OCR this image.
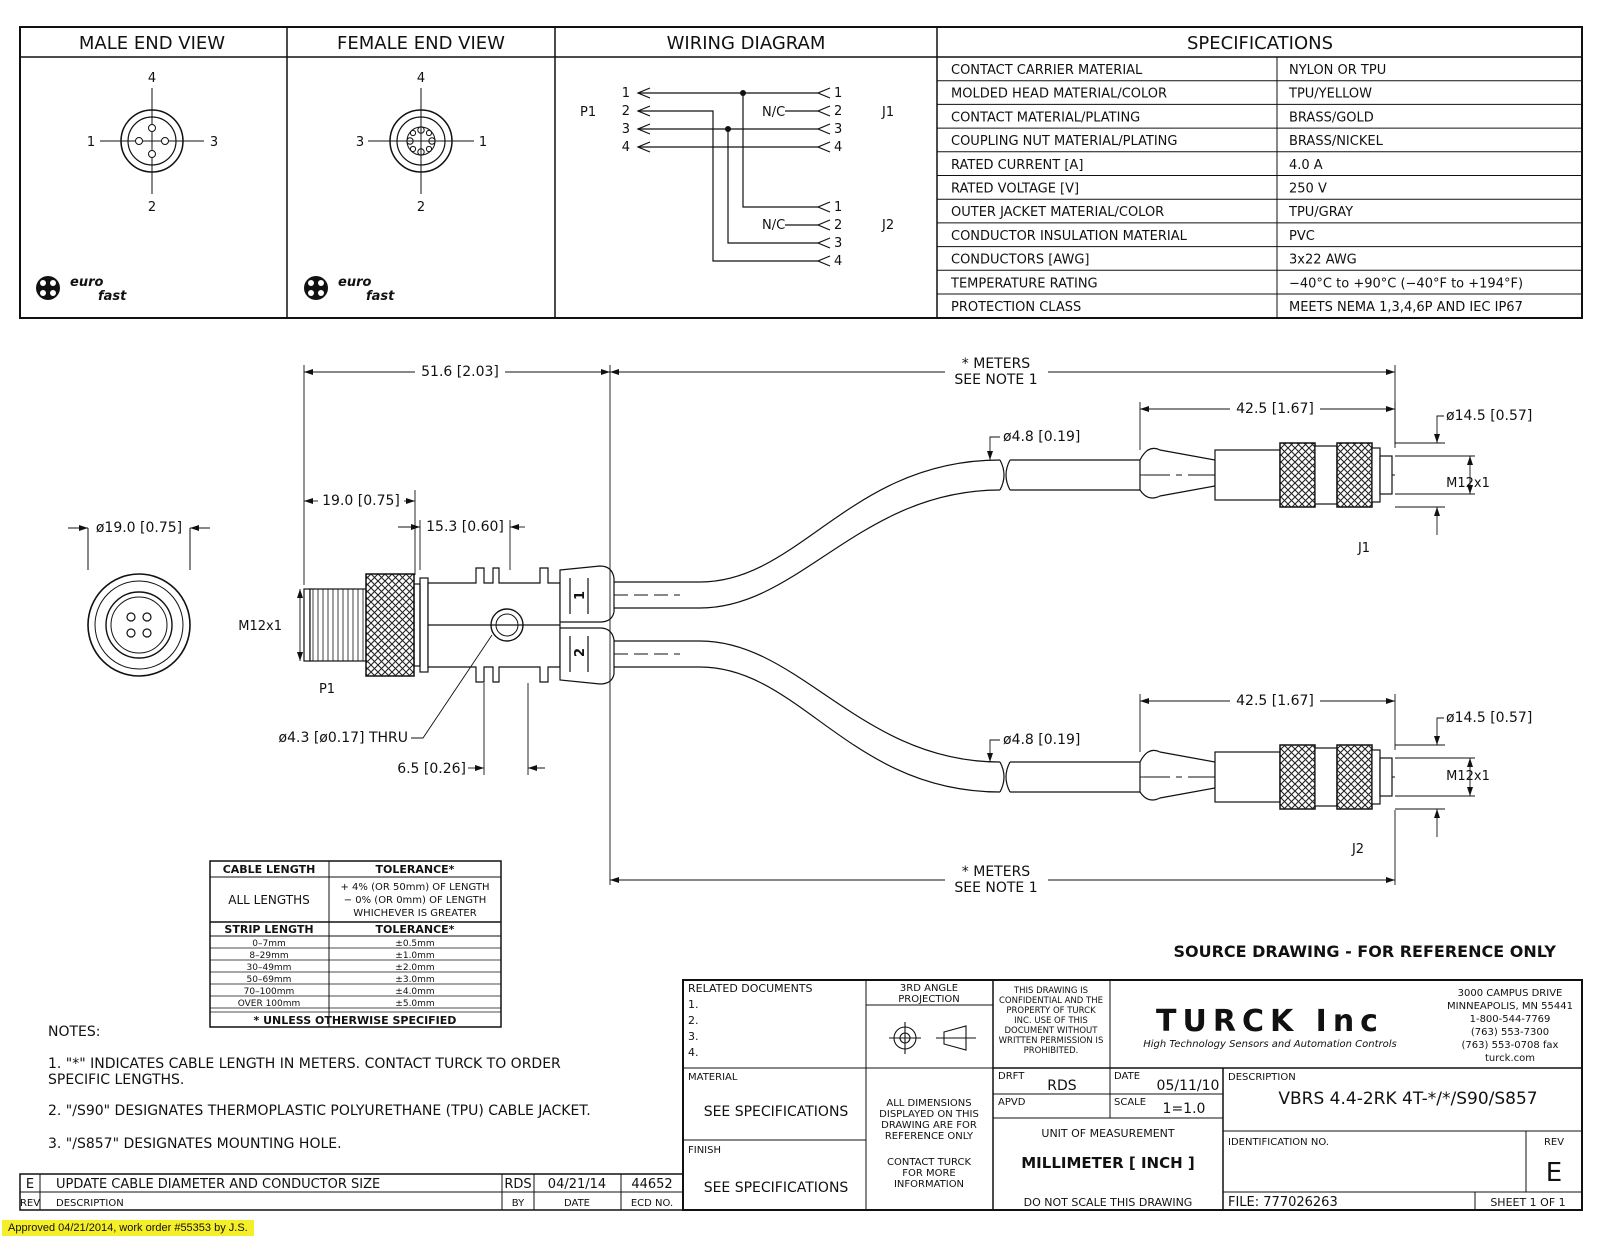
MALE END VIEW	FEMALE END VIEW	WIRING DIAGRAM	SPECIFICATIONS
4
1	3
2
euro
fast
4
3	1
2
euro
fast
1
2
3
4
1
2
3
4
1
2
3
4
P1	J1
J2
N/C
N/C
CONTACT CARRIER MATERIAL	NYLON OR TPU
MOLDED HEAD MATERIAL/COLOR	TPU/YELLOW
CONTACT MATERIAL/PLATING	BRASS/GOLD
COUPLING NUT MATERIAL/PLATING	BRASS/NICKEL
RATED CURRENT [A]	4.0 A
RATED VOLTAGE [V]	250 V
OUTER JACKET MATERIAL/COLOR	TPU/GRAY
CONDUCTOR INSULATION MATERIAL	PVC
CONDUCTORS [AWG]	3x22 AWG
TEMPERATURE RATING	−40°C to +90°C (−40°F to +194°F)
PROTECTION CLASS	MEETS NEMA 1,3,4,6P AND IEC IP67
1
2
51.6 [2.03]	* METERS
SEE NOTE 1
* METERS
SEE NOTE 1
ø19.0 [0.75]
19.0 [0.75]
15.3 [0.60]
M12x1
P1
ø4.3 [ø0.17] THRU
6.5 [0.26]
ø4.8 [0.19]
ø4.8 [0.19]
42.5 [1.67]
42.5 [1.67]
ø14.5 [0.57]
ø14.5 [0.57]
M12x1
M12x1
J1
J2
CABLE LENGTH	TOLERANCE*
ALL LENGTHS
+ 4% (OR 50mm) OF LENGTH
− 0% (OR 0mm) OF LENGTH
WHICHEVER IS GREATER
STRIP LENGTH	TOLERANCE*
0–7mm	±0.5mm
8–29mm	±1.0mm
30–49mm	±2.0mm
50–69mm	±3.0mm
70–100mm	±4.0mm
OVER 100mm	±5.0mm
* UNLESS OTHERWISE SPECIFIED
NOTES:
1. "*" INDICATES CABLE LENGTH IN METERS. CONTACT TURCK TO ORDER
SPECIFIC LENGTHS.
2. "/S90" DESIGNATES THERMOPLASTIC POLYURETHANE (TPU) CABLE JACKET.
3. "/S857" DESIGNATES MOUNTING HOLE.
SOURCE DRAWING - FOR REFERENCE ONLY
E UPDATE CABLE DIAMETER AND CONDUCTOR SIZE	RDS 04/21/14 44652
REV DESCRIPTION	BY	DATE	ECD NO.
RELATED DOCUMENTS
1.
2.
3.
4.
3RD ANGLE
PROJECTION
THIS DRAWING IS
CONFIDENTIAL AND THE
PROPERTY OF TURCK
INC. USE OF THIS
DOCUMENT WITHOUT
WRITTEN PERMISSION IS
PROHIBITED.
TURCK Inc
High Technology Sensors and Automation Controls
3000 CAMPUS DRIVE
MINNEAPOLIS, MN 55441
1-800-544-7769
(763) 553-7300
(763) 553-0708 fax
turck.com
MATERIAL
SEE SPECIFICATIONS
FINISH
SEE SPECIFICATIONS
ALL DIMENSIONS
DISPLAYED ON THIS
DRAWING ARE FOR
REFERENCE ONLY
CONTACT TURCK
FOR MORE
INFORMATION
DRFT
RDS
DATE
05/11/10
APVD	SCALE 1=1.0
UNIT OF MEASUREMENT
MILLIMETER [ INCH ]
DO NOT SCALE THIS DRAWING
DESCRIPTION
VBRS 4.4-2RK 4T-*/*/S90/S857
IDENTIFICATION NO.	REV
E
FILE: 777026263	SHEET 1 OF 1
Approved 04/21/2014, work order #55353 by J.S.
